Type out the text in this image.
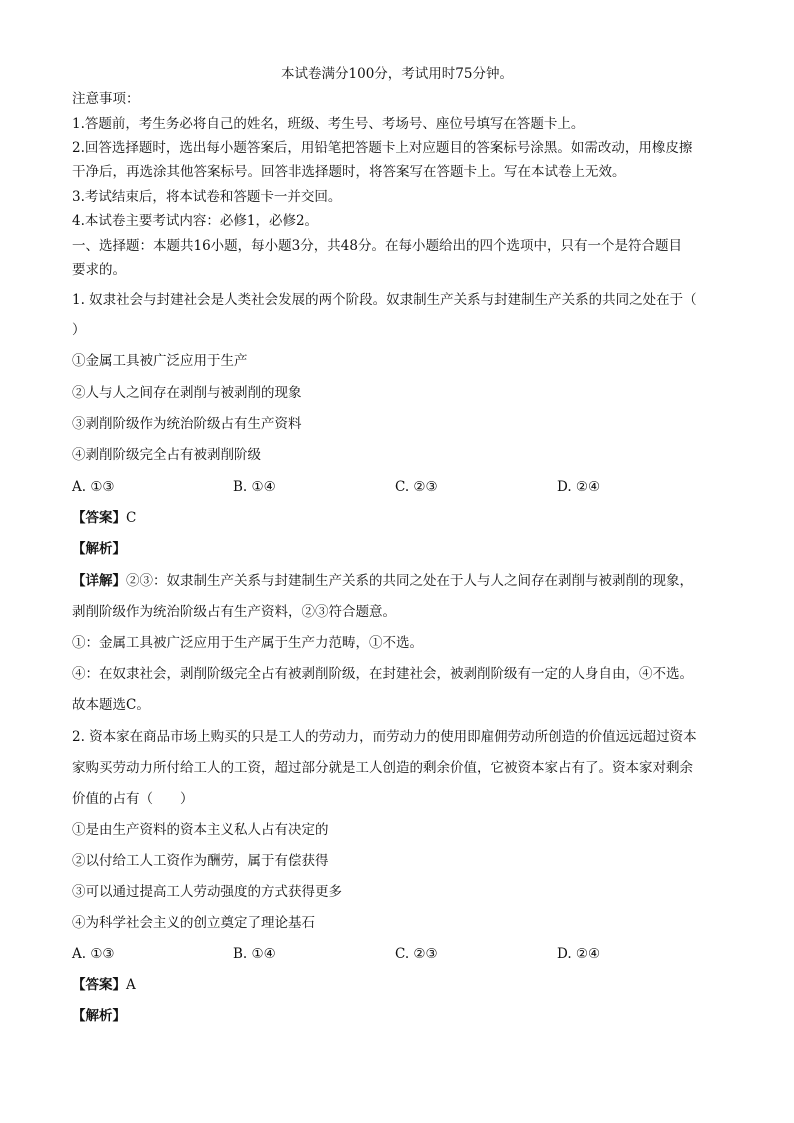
本试卷满分100分，考试用时75分钟。
注意事项：
1.答题前，考生务必将自己的姓名，班级、考生号、考场号、座位号填写在答题卡上。
2.回答选择题时，选出每小题答案后，用铅笔把答题卡上对应题目的答案标号涂黑。如需改动，用橡皮擦
干净后，再选涂其他答案标号。回答非选择题时，将答案写在答题卡上。写在本试卷上无效。
3.考试结束后，将本试卷和答题卡一并交回。
4.本试卷主要考试内容：必修1，必修2。
一、选择题：本题共16小题，每小题3分，共48分。在每小题给出的四个选项中，只有一个是符合题目
要求的。
1. 奴隶社会与封建社会是人类社会发展的两个阶段。奴隶制生产关系与封建制生产关系的共同之处在于（
）
①金属工具被广泛应用于生产
②人与人之间存在剥削与被剥削的现象
③剥削阶级作为统治阶级占有生产资料
④剥削阶级完全占有被剥削阶级
A. ①③	B. ①④	C. ②③	D. ②④
【答案】C
【解析】
【详解】②③：奴隶制生产关系与封建制生产关系的共同之处在于人与人之间存在剥削与被剥削的现象，
剥削阶级作为统治阶级占有生产资料，②③符合题意。
①：金属工具被广泛应用于生产属于生产力范畴，①不选。
④：在奴隶社会，剥削阶级完全占有被剥削阶级，在封建社会，被剥削阶级有一定的人身自由，④不选。
故本题选C。
2. 资本家在商品市场上购买的只是工人的劳动力，而劳动力的使用即雇佣劳动所创造的价值远远超过资本
家购买劳动力所付给工人的工资，超过部分就是工人创造的剩余价值，它被资本家占有了。资本家对剩余
价值的占有（　　）
①是由生产资料的资本主义私人占有决定的
②以付给工人工资作为酬劳，属于有偿获得
③可以通过提高工人劳动强度的方式获得更多
④为科学社会主义的创立奠定了理论基石
A. ①③	B. ①④	C. ②③	D. ②④
【答案】A
【解析】
